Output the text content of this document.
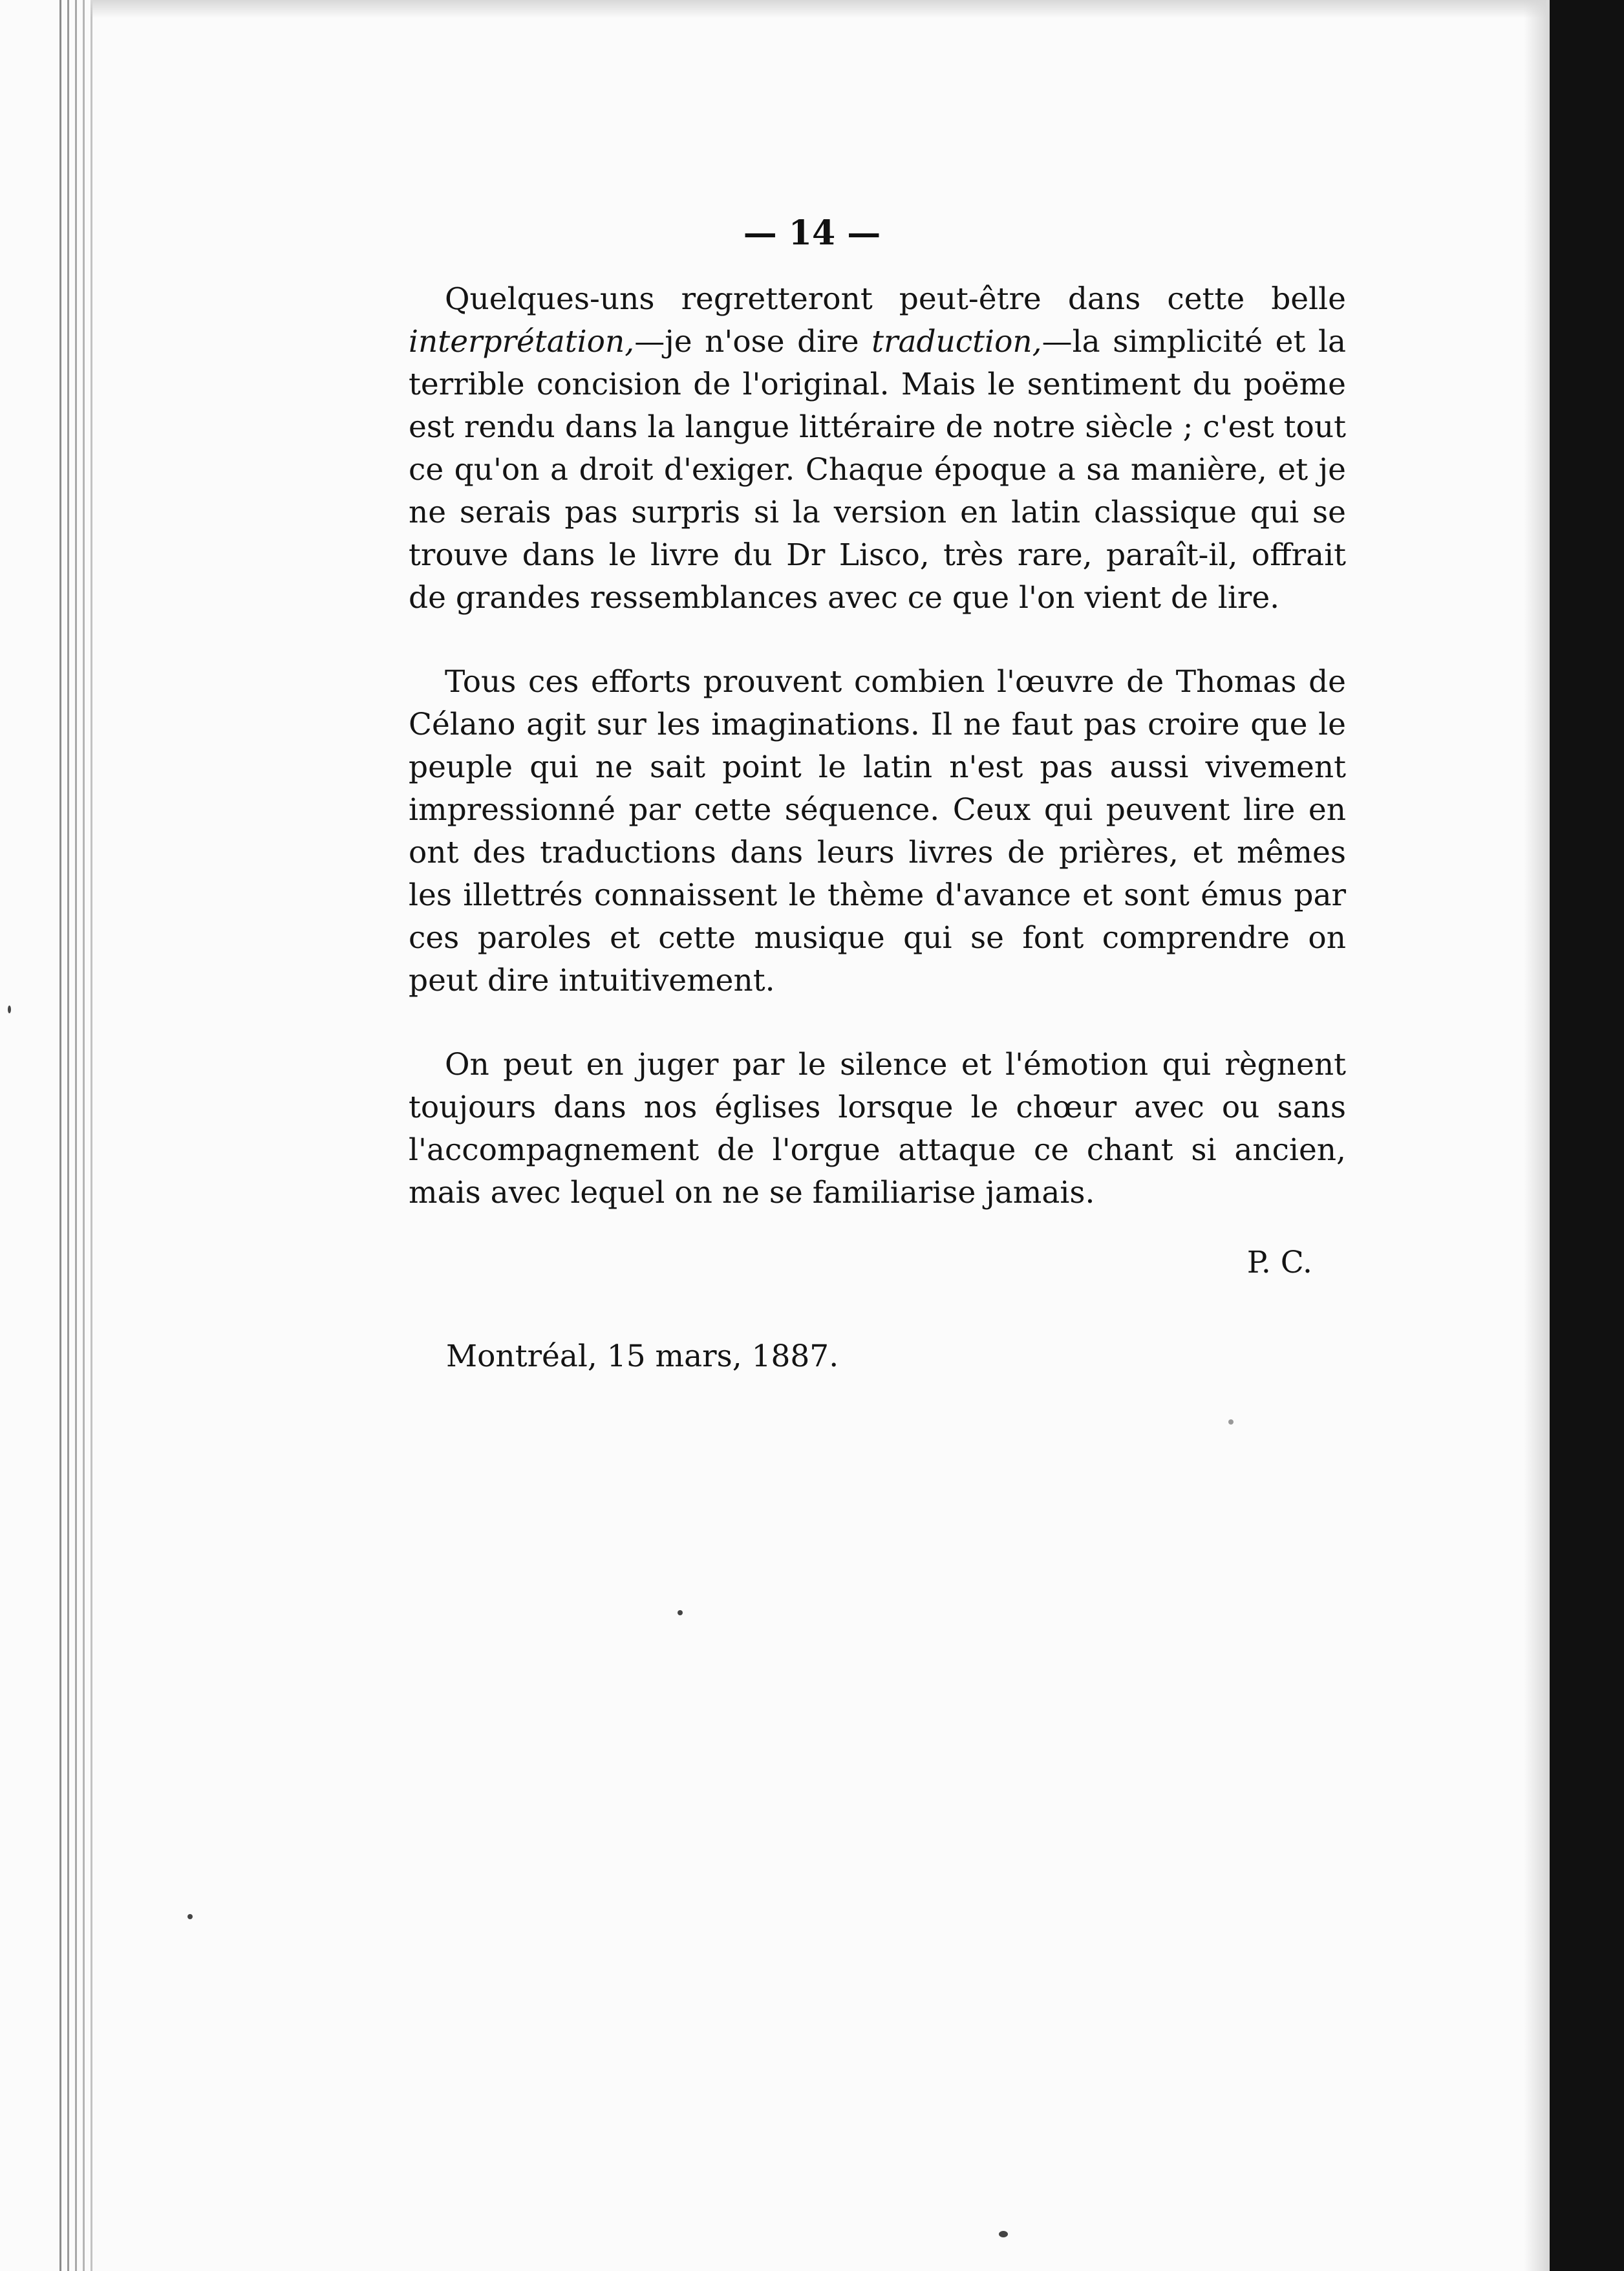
— 14 —

Quelques-uns regretteront peut-être dans cette belle interprétation,—je n'ose dire traduction,—la simplicité et la terrible concision de l'original. Mais le sentiment du poëme est rendu dans la langue littéraire de notre siècle ; c'est tout ce qu'on a droit d'exiger. Chaque époque a sa manière, et je ne serais pas surpris si la version en latin classique qui se trouve dans le livre du Dr Lisco, très rare, paraît-il, offrait de grandes ressemblances avec ce que l'on vient de lire.

Tous ces efforts prouvent combien l'œuvre de Thomas de Célano agit sur les imaginations. Il ne faut pas croire que le peuple qui ne sait point le latin n'est pas aussi vivement impressionné par cette séquence. Ceux qui peuvent lire en ont des traductions dans leurs livres de prières, et mêmes les illettrés connaissent le thème d'avance et sont émus par ces paroles et cette musique qui se font comprendre on peut dire intuitivement.

On peut en juger par le silence et l'émotion qui règnent toujours dans nos églises lorsque le chœur avec ou sans l'accompagnement de l'orgue attaque ce chant si ancien, mais avec lequel on ne se familiarise jamais.

P. C.
Montréal, 15 mars, 1887.
